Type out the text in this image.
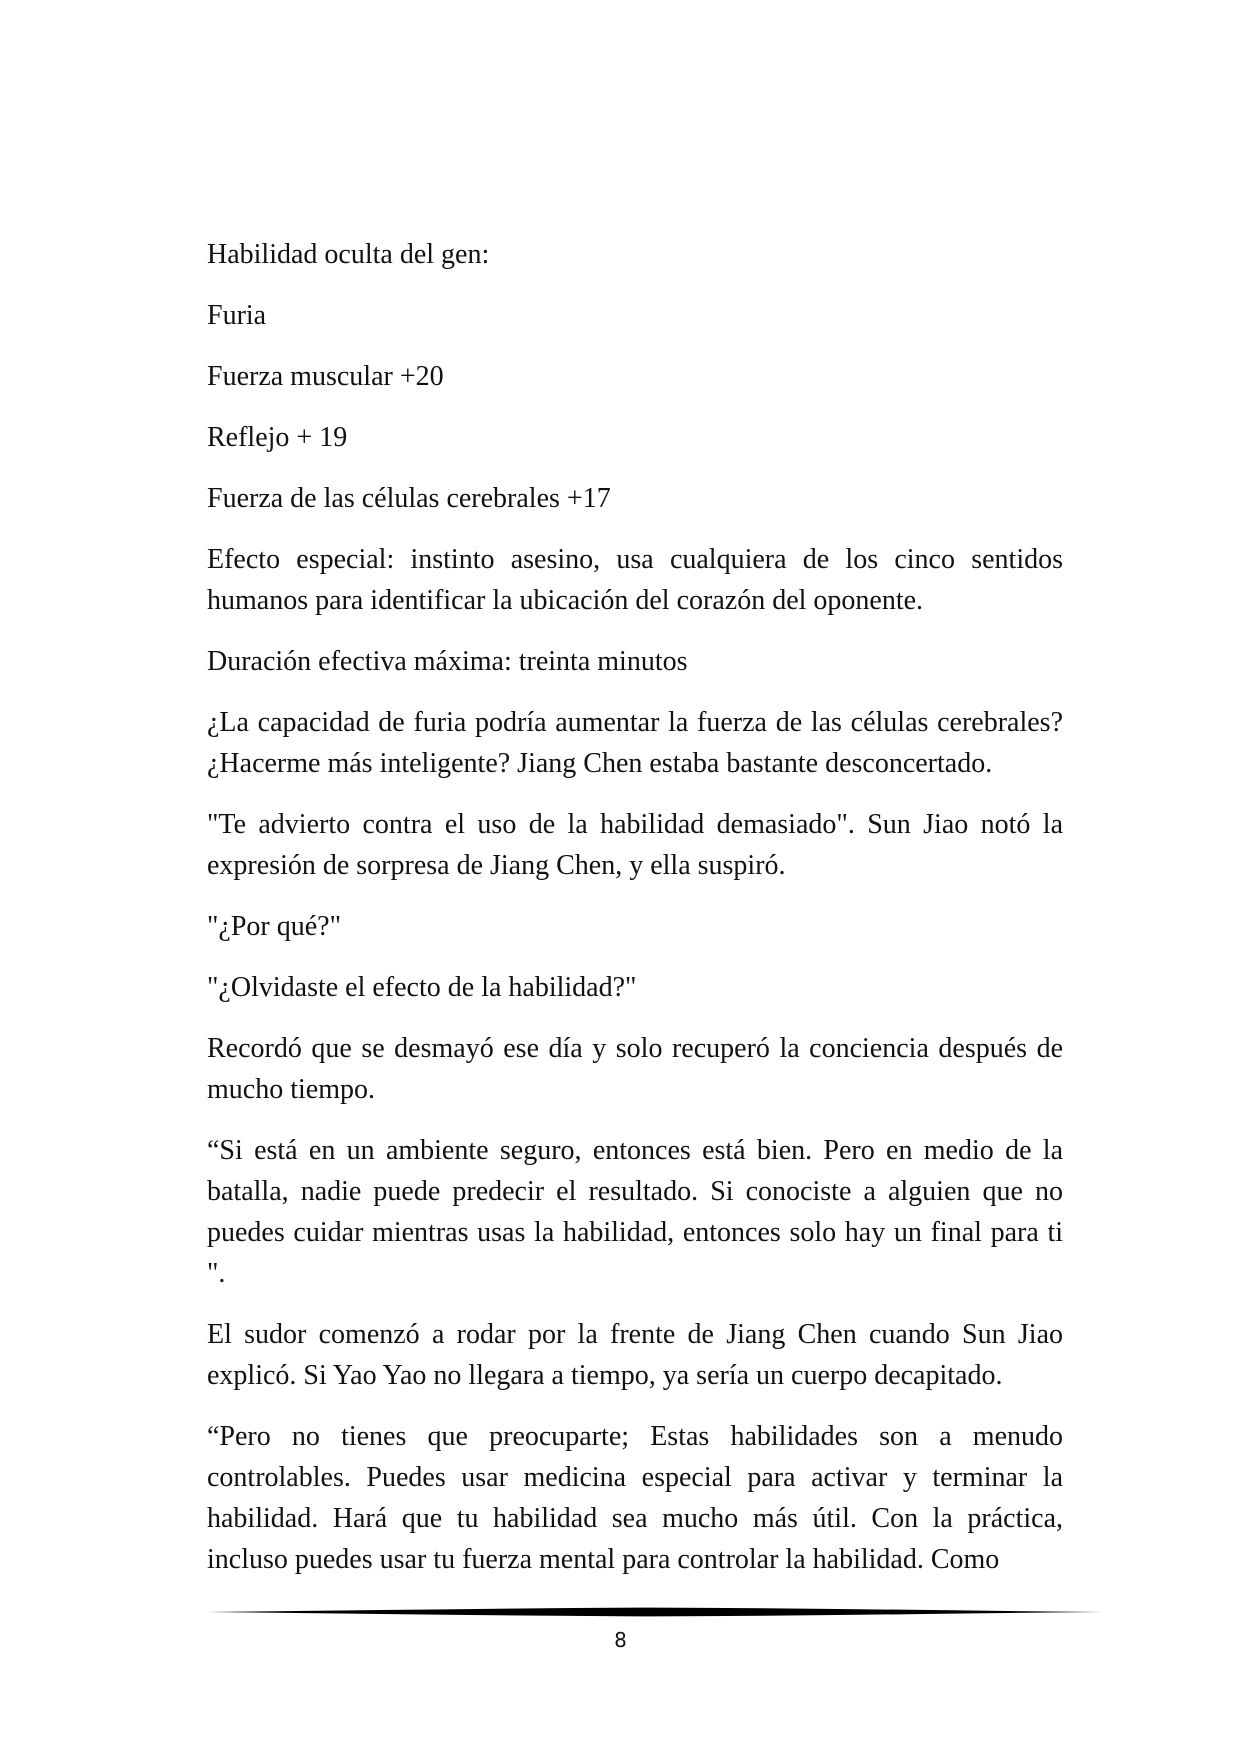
Habilidad oculta del gen:

Furia

Fuerza muscular +20

Reflejo + 19

Fuerza de las células cerebrales +17

Efecto especial: instinto asesino, usa cualquiera de los cinco sentidos humanos para identificar la ubicación del corazón del oponente.

Duración efectiva máxima: treinta minutos

¿La capacidad de furia podría aumentar la fuerza de las células cerebrales? ¿Hacerme más inteligente? Jiang Chen estaba bastante desconcertado.

"Te advierto contra el uso de la habilidad demasiado". Sun Jiao notó la expresión de sorpresa de Jiang Chen, y ella suspiró.

"¿Por qué?"

"¿Olvidaste el efecto de la habilidad?"

Recordó que se desmayó ese día y solo recuperó la conciencia después de mucho tiempo.

“Si está en un ambiente seguro, entonces está bien. Pero en medio de la batalla, nadie puede predecir el resultado. Si conociste a alguien que no puedes cuidar mientras usas la habilidad, entonces solo hay un final para ti ".

El sudor comenzó a rodar por la frente de Jiang Chen cuando Sun Jiao explicó. Si Yao Yao no llegara a tiempo, ya sería un cuerpo decapitado.

“Pero no tienes que preocuparte; Estas habilidades son a menudo controlables. Puedes usar medicina especial para activar y terminar la habilidad. Hará que tu habilidad sea mucho más útil. Con la práctica, incluso puedes usar tu fuerza mental para controlar la habilidad. Como

8
